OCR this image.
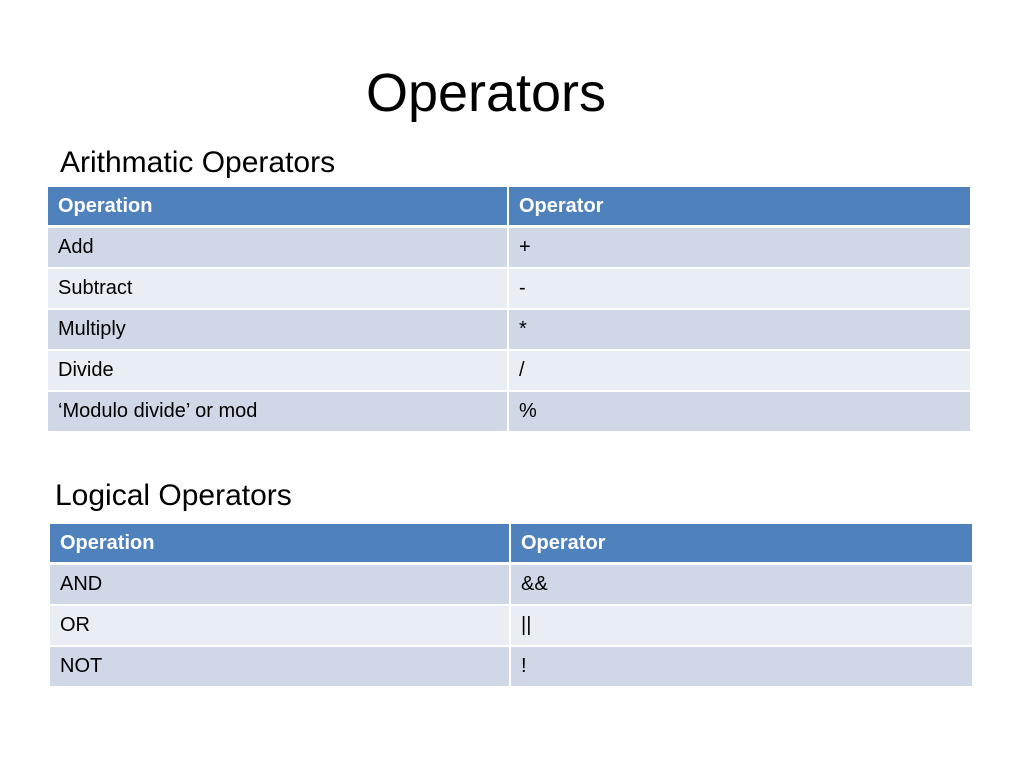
Operators
Arithmatic Operators
Operation	Operator
Add	+
Subtract	-
Multiply	*
Divide	/
‘Modulo divide’ or mod	%
Logical Operators
Operation	Operator
AND	&&
OR	||
NOT	!
